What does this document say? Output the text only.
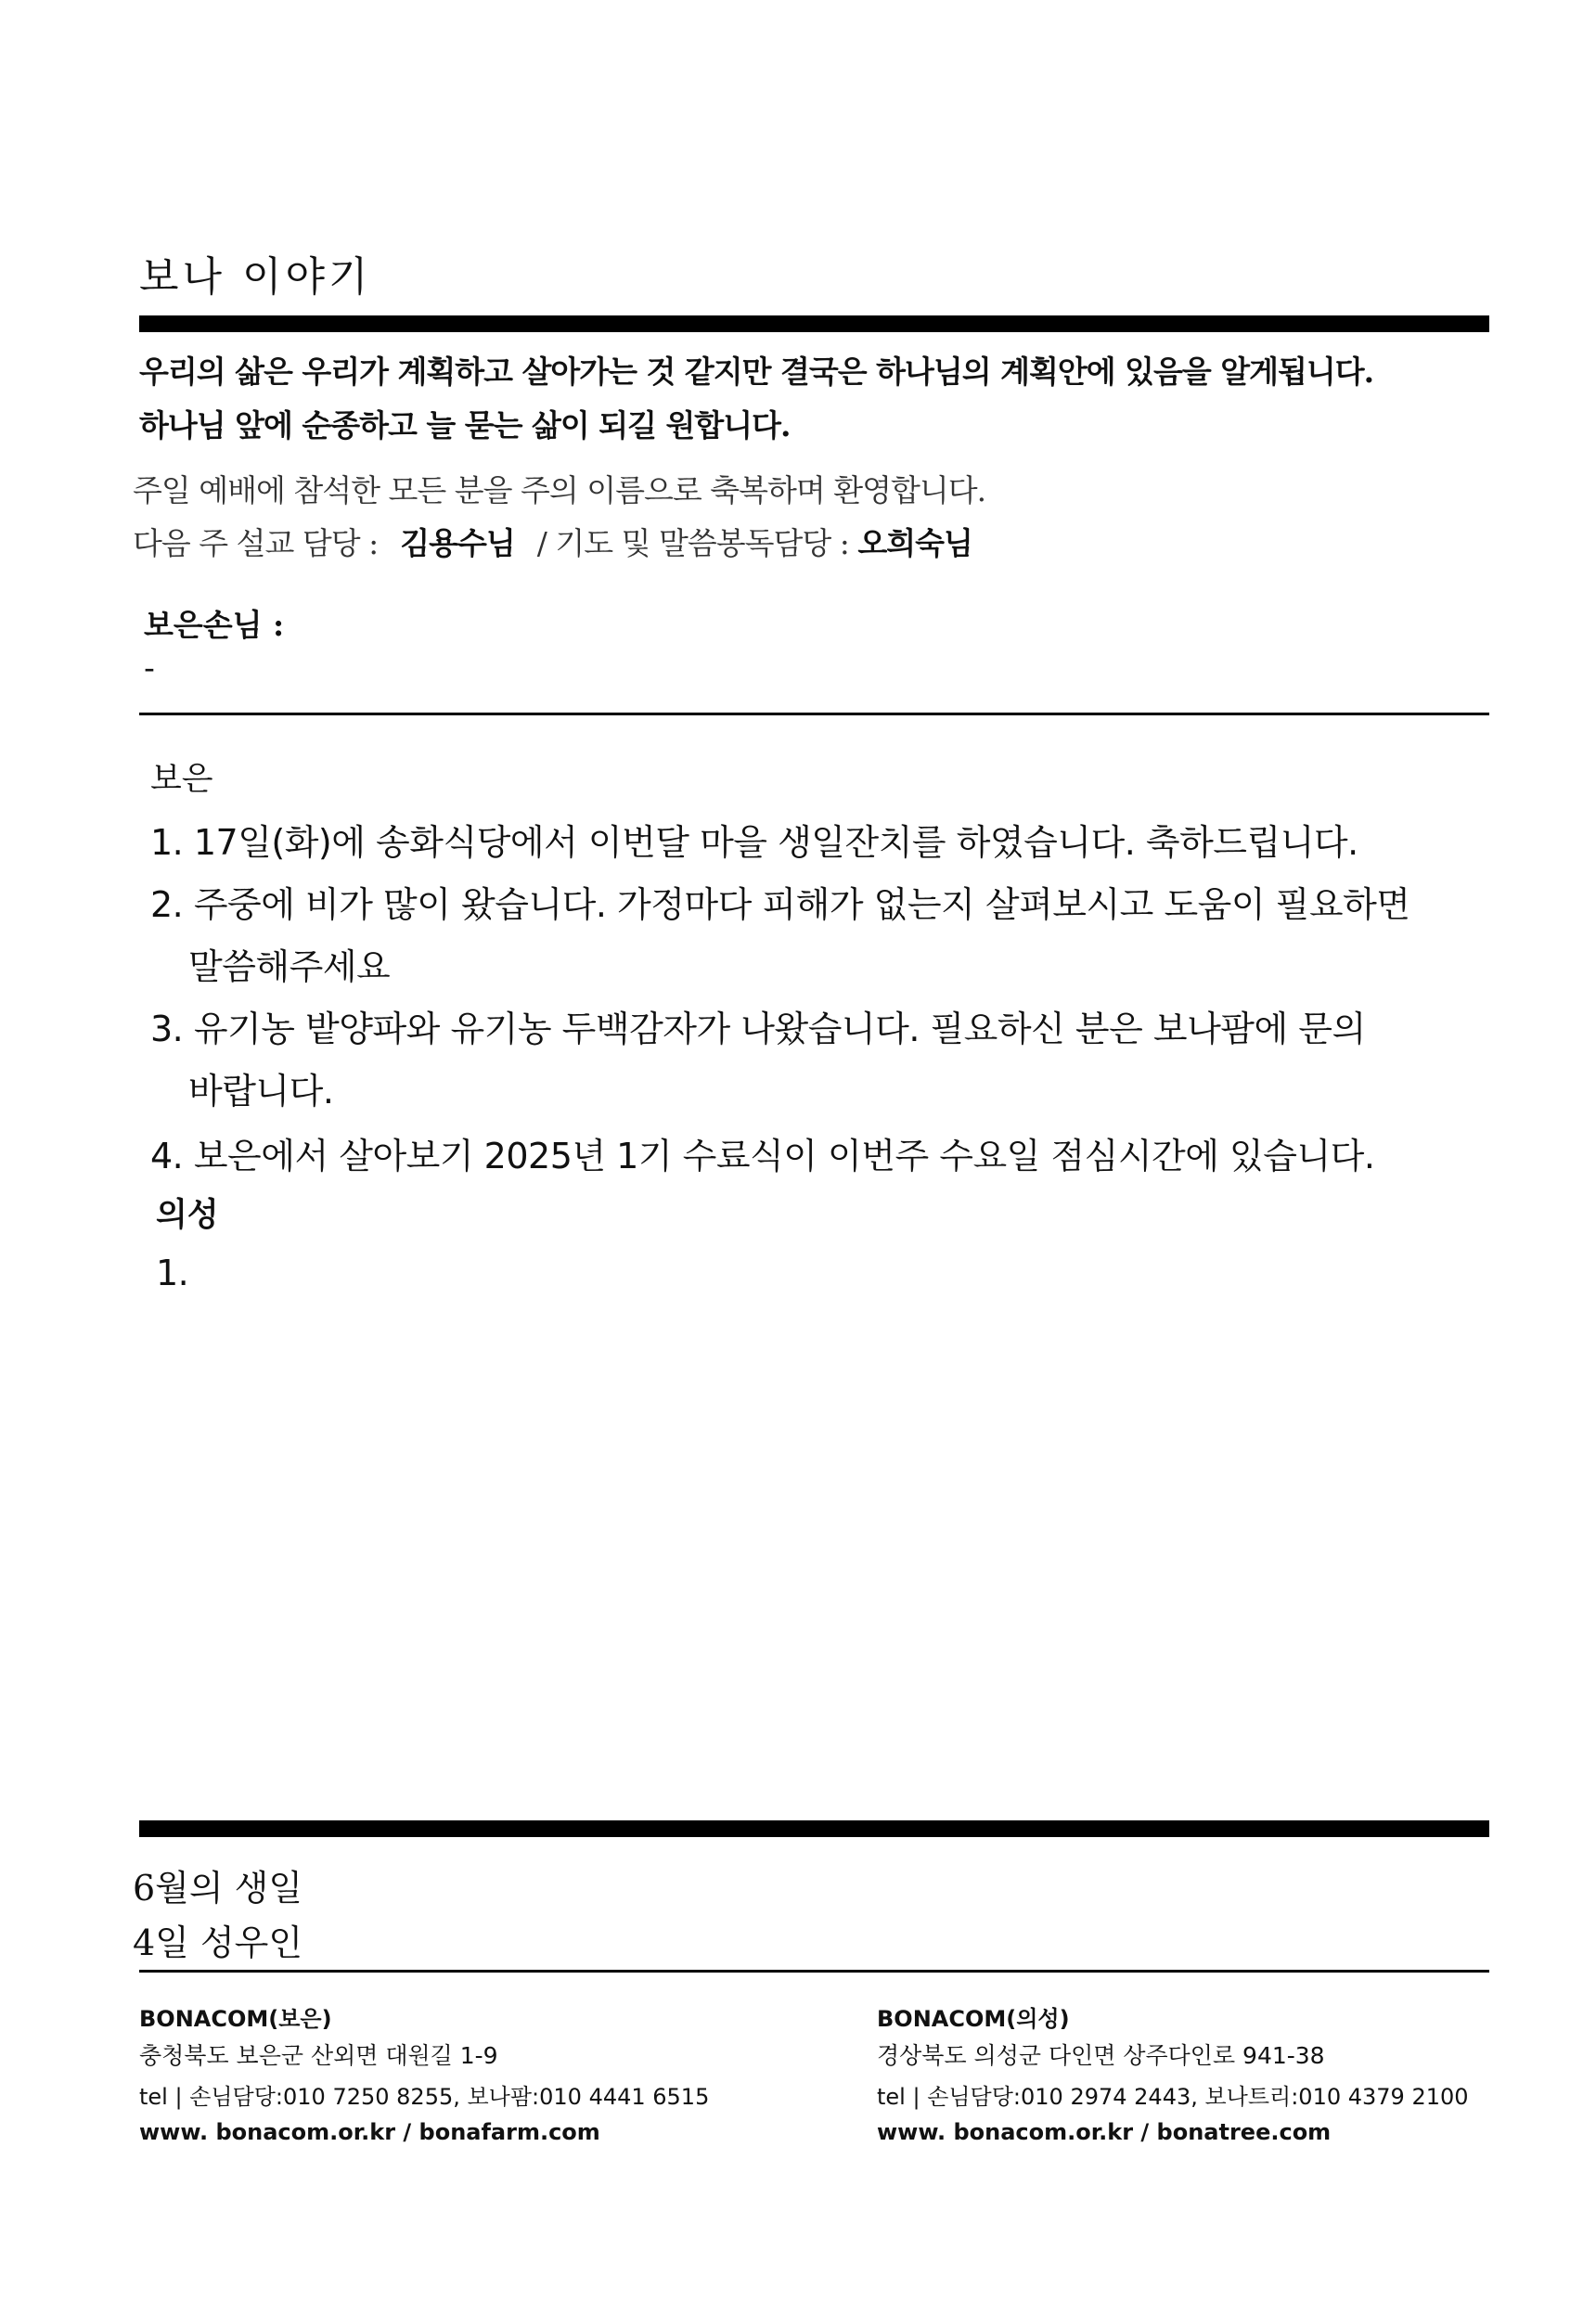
보나 이야기
우리의 삶은 우리가 계획하고 살아가는 것 같지만 결국은 하나님의 계획안에 있음을 알게됩니다.
하나님 앞에 순종하고 늘 묻는 삶이 되길 원합니다.
주일 예배에 참석한 모든 분을 주의 이름으로 축복하며 환영합니다.
다음 주 설교 담당 : 김용수님 / 기도 및 말씀봉독담당 : 오희숙님
보은손님 :
-
보은
1. 17일(화)에 송화식당에서 이번달 마을 생일잔치를 하였습니다. 축하드립니다.
2. 주중에 비가 많이 왔습니다. 가정마다 피해가 없는지 살펴보시고 도움이 필요하면
말씀해주세요
3. 유기농 밭양파와 유기농 두백감자가 나왔습니다. 필요하신 분은 보나팜에 문의
바랍니다.
4. 보은에서 살아보기 2025년 1기 수료식이 이번주 수요일 점심시간에 있습니다.
의성
1.
6월의 생일
4일 성우인
BONACOM(보은)
충청북도 보은군 산외면 대원길 1-9
tel | 손님담당:010 7250 8255, 보나팜:010 4441 6515
www. bonacom.or.kr / bonafarm.com
BONACOM(의성)
경상북도 의성군 다인면 상주다인로 941-38
tel | 손님담당:010 2974 2443, 보나트리:010 4379 2100
www. bonacom.or.kr / bonatree.com
